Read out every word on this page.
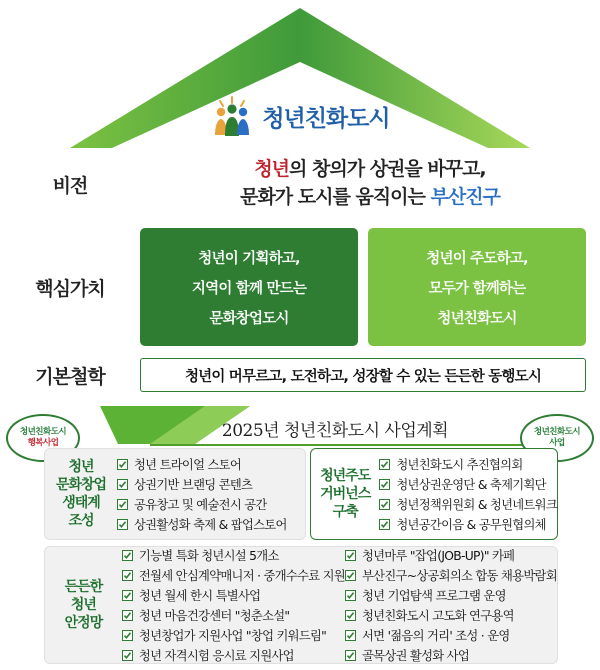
청년친화도시
비전
청년의 창의가 상권을 바꾸고,
문화가 도시를 움직이는 부산진구
핵심가치
청년이 기획하고,
지역이 함께 만드는
문화창업도시
청년이 주도하고,
모두가 함께하는
청년친화도시
기본철학	청년이 머무르고, 도전하고, 성장할 수 있는 든든한 동행도시
2025년 청년친화도시 사업계획
청년친화도시
행복사업
청년친화도시
사업
청년
문화창업
생태계
조성
청년 트라이얼 스토어
상권기반 브랜딩 콘텐츠
공유창고 및 예술전시 공간
상권활성화 축제 & 팝업스토어
청년주도
거버넌스
구축
청년친화도시 추진협의회
청년상권운영단 & 축제기획단
청년정책위원회 & 청년네트워크
청년공간이음 & 공무원협의체
든든한
청년
안정망
기능별 특화 청년시설 5개소
전월세 안심계약매니저 · 중개수수료 지원
청년 월세 한시 특별사업
청년 마음건강센터 "청춘소설"
청년창업가 지원사업 "창업 키워드림"
청년 자격시험 응시료 지원사업
청년마루 "잡업(JOB-UP)" 카페
부산진구~상공회의소 합동 채용박람회
청년 기업탐색 프로그램 운영
청년친화도시 고도화 연구용역
서면 '젊음의 거리' 조성 · 운영
골목상권 활성화 사업
